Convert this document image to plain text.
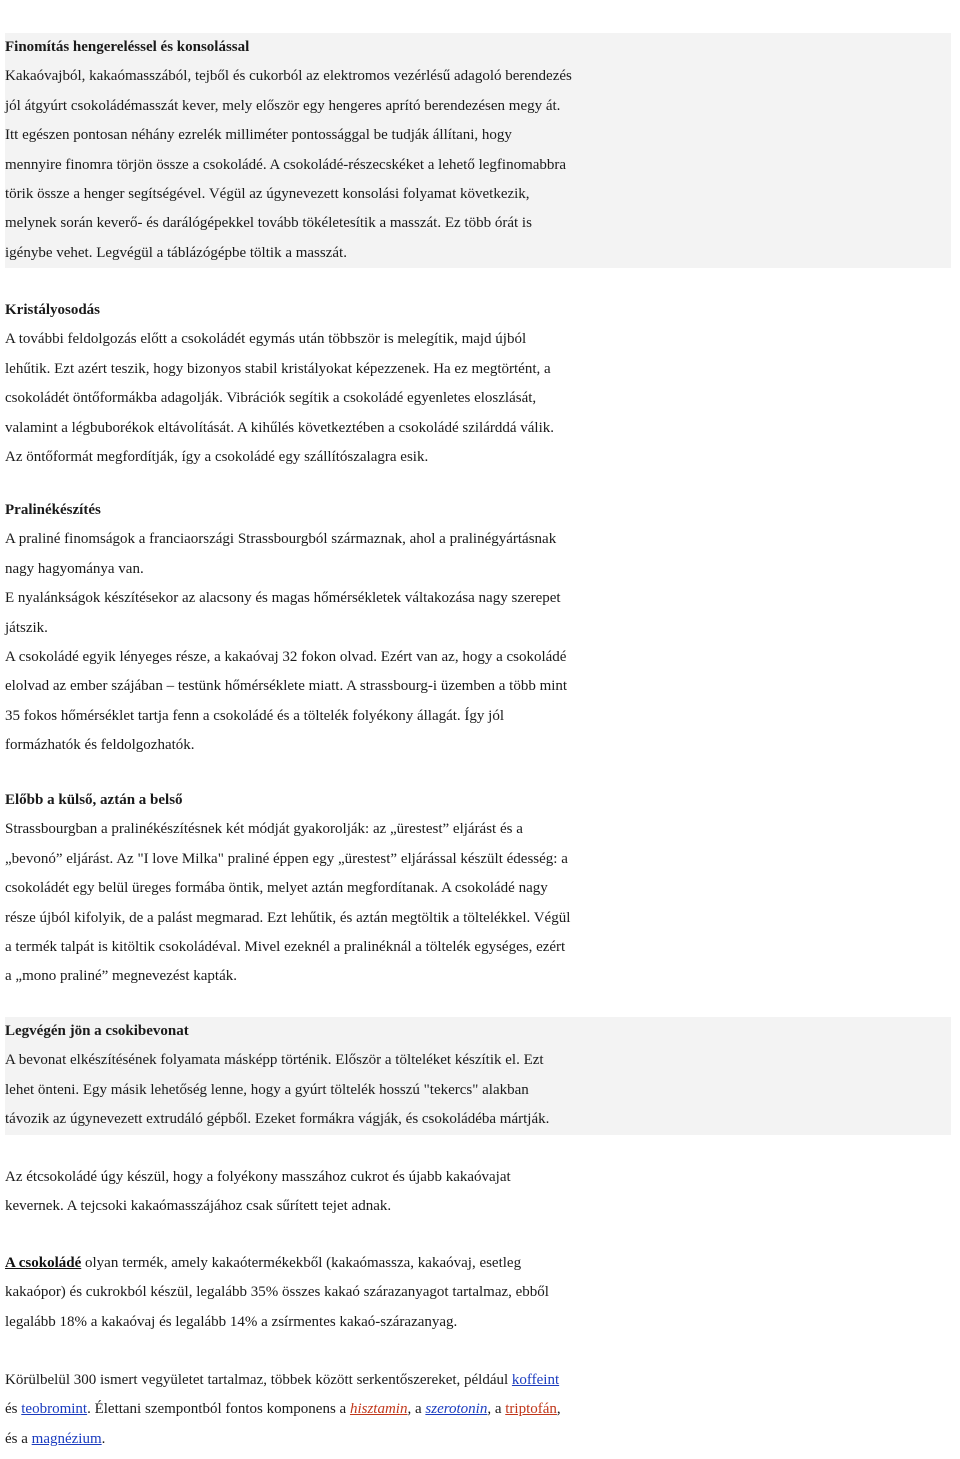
Finomítás hengereléssel és konsolással
Kakaóvajból, kakaómasszából, tejből és cukorból az elektromos vezérlésű adagoló berendezés
jól átgyúrt csokoládémasszát kever, mely először egy hengeres aprító berendezésen megy át.
Itt egészen pontosan néhány ezrelék milliméter pontossággal be tudják állítani, hogy
mennyire finomra törjön össze a csokoládé. A csokoládé-részecskéket a lehető legfinomabbra
törik össze a henger segítségével. Végül az úgynevezett konsolási folyamat következik,
melynek során keverő- és darálógépekkel tovább tökéletesítik a masszát. Ez több órát is
igénybe vehet. Legvégül a táblázógépbe töltik a masszát.
Kristályosodás
A további feldolgozás előtt a csokoládét egymás után többször is melegítik, majd újból
lehűtik. Ezt azért teszik, hogy bizonyos stabil kristályokat képezzenek. Ha ez megtörtént, a
csokoládét öntőformákba adagolják. Vibrációk segítik a csokoládé egyenletes eloszlását,
valamint a légbuborékok eltávolítását. A kihűlés következtében a csokoládé szilárddá válik.
Az öntőformát megfordítják, így a csokoládé egy szállítószalagra esik.
Pralinékészítés
A praliné finomságok a franciaországi Strassbourgból származnak, ahol a pralinégyártásnak
nagy hagyománya van.
E nyalánkságok készítésekor az alacsony és magas hőmérsékletek váltakozása nagy szerepet
játszik.
A csokoládé egyik lényeges része, a kakaóvaj 32 fokon olvad. Ezért van az, hogy a csokoládé
elolvad az ember szájában – testünk hőmérséklete miatt. A strassbourg-i üzemben a több mint
35 fokos hőmérséklet tartja fenn a csokoládé és a töltelék folyékony állagát. Így jól
formázhatók és feldolgozhatók.
Előbb a külső, aztán a belső
Strassbourgban a pralinékészítésnek két módját gyakorolják: az „ürestest” eljárást és a
„bevonó” eljárást. Az "I love Milka" praliné éppen egy „ürestest” eljárással készült édesség: a
csokoládét egy belül üreges formába öntik, melyet aztán megfordítanak. A csokoládé nagy
része újból kifolyik, de a palást megmarad. Ezt lehűtik, és aztán megtöltik a töltelékkel. Végül
a termék talpát is kitöltik csokoládéval. Mivel ezeknél a pralinéknál a töltelék egységes, ezért
a „mono praliné” megnevezést kapták.
Legvégén jön a csokibevonat
A bevonat elkészítésének folyamata másképp történik. Először a tölteléket készítik el. Ezt
lehet önteni. Egy másik lehetőség lenne, hogy a gyúrt töltelék hosszú "tekercs" alakban
távozik az úgynevezett extrudáló gépből. Ezeket formákra vágják, és csokoládéba mártják.
Az étcsokoládé úgy készül, hogy a folyékony masszához cukrot és újabb kakaóvajat
kevernek. A tejcsoki kakaómasszájához csak sűrített tejet adnak.
A csokoládé olyan termék, amely kakaótermékekből (kakaómassza, kakaóvaj, esetleg
kakaópor) és cukrokból készül, legalább 35% összes kakaó szárazanyagot tartalmaz, ebből
legalább 18% a kakaóvaj és legalább 14% a zsírmentes kakaó-szárazanyag.
Körülbelül 300 ismert vegyületet tartalmaz, többek között serkentőszereket, például koffeint
és teobromint. Élettani szempontból fontos komponens a hisztamin, a szerotonin, a triptofán,
és a magnézium.
